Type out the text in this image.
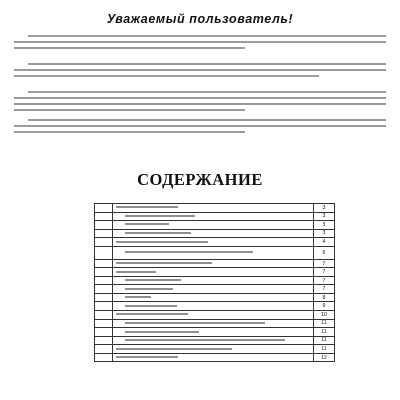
Уважаемый пользователь!
СОДЕРЖАНИЕ
		3
		3
		3
		3
		4
		6
		7
		7
		7
		7
		8
		9
		10
		11
		11
		11
		11
		12
